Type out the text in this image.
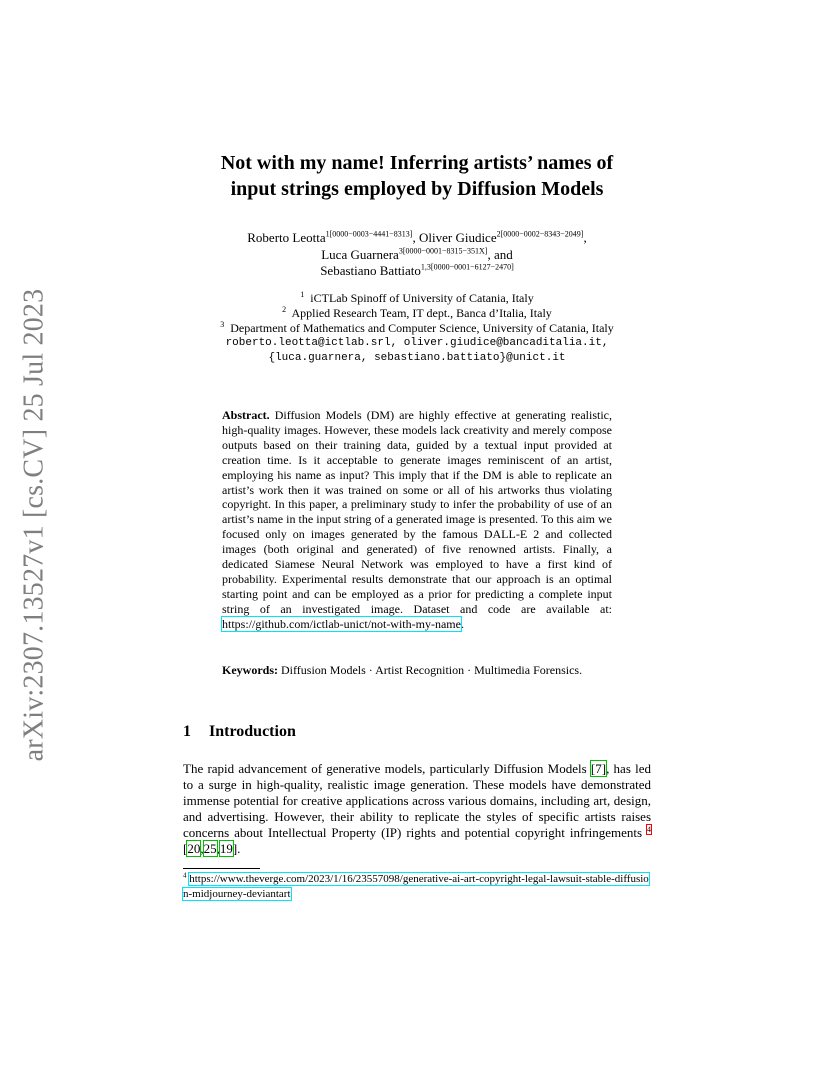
arXiv:2307.13527v1 [cs.CV] 25 Jul 2023
Not with my name! Inferring artists’ names of
input strings employed by Diffusion Models
Roberto Leotta$^{1[0000-0003-4441-8313]}$, Oliver Giudice$^{2[0000-0002-8343-2049]}$,
Luca Guarnera$^{3[0000-0001-8315-351X]}$, and
Sebastiano Battiato$^{1,3[0000-0001-6127-2470]}$
$^1$ iCTLab Spinoff of University of Catania, Italy
$^2$ Applied Research Team, IT dept., Banca d’Italia, Italy
$^3$ Department of Mathematics and Computer Science, University of Catania, Italy
roberto.leotta@ictlab.srl, oliver.giudice@bancaditalia.it,
{luca.guarnera, sebastiano.battiato}@unict.it
Abstract. Diffusion Models (DM) are highly effective at generating realistic, high-quality images. However, these models lack creativity and merely compose outputs based on their training data, guided by a textual input provided at creation time. Is it acceptable to generate images reminiscent of an artist, employing his name as input? This imply that if the DM is able to replicate an artist’s work then it was trained on some or all of his artworks thus violating copyright. In this paper, a preliminary study to infer the probability of use of an artist’s name in the input string of a generated image is presented. To this aim we focused only on images generated by the famous DALL-E 2 and collected images (both original and generated) of five renowned artists. Finally, a dedicated Siamese Neural Network was employed to have a first kind of probability. Experimental results demonstrate that our approach is an optimal starting point and can be employed as a prior for predicting a complete input string of an investigated image. Dataset and code are available at: https://github.com/ictlab-unict/not-with-my-name.
Keywords: Diffusion Models · Artist Recognition · Multimedia Forensics.
1 Introduction
The rapid advancement of generative models, particularly Diffusion Models [7], has led to a surge in high-quality, realistic image generation. These models have demonstrated immense potential for creative applications across various domains, including art, design, and advertising. However, their ability to replicate the styles of specific artists raises concerns about Intellectual Property (IP) rights and potential copyright infringements $^4$ [20,25,19].
$^4$ https://www.theverge.com/2023/1/16/23557098/generative-ai-art-copyright-legal-lawsuit-stable-diffusion-midjourney-deviantart
